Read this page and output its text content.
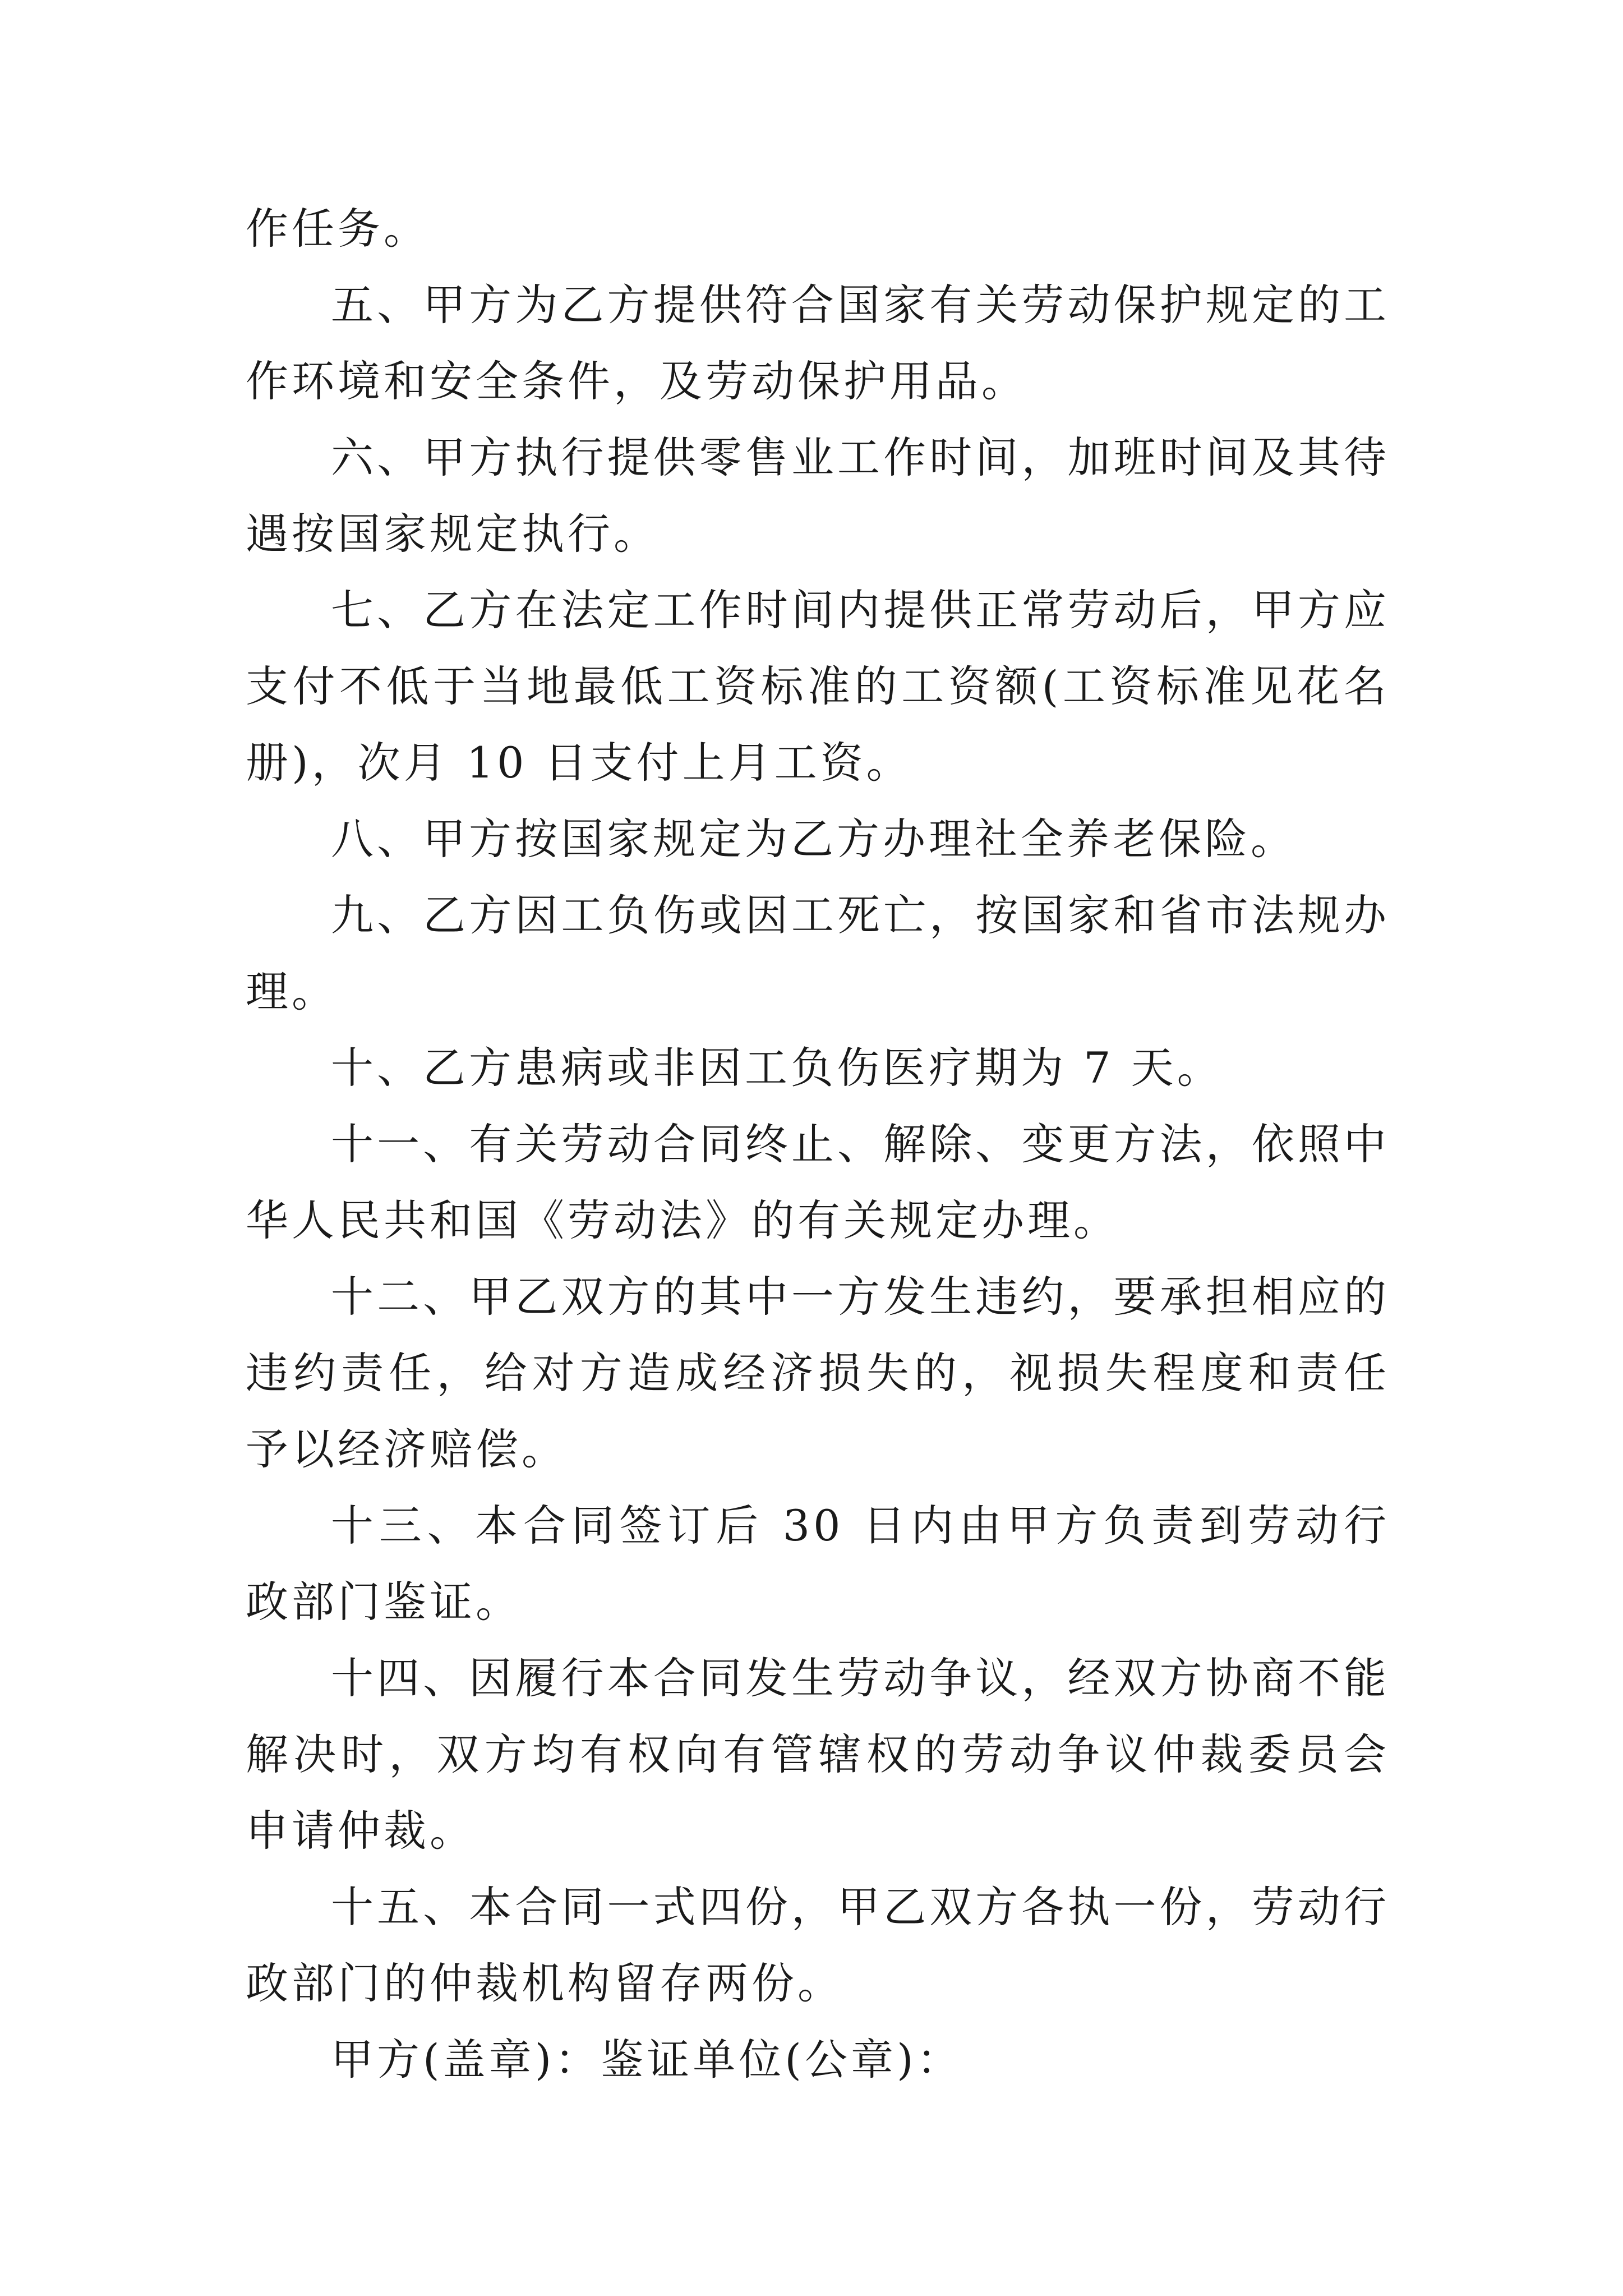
作任务。

五、甲方为乙方提供符合国家有关劳动保护规定的工作环境和安全条件，及劳动保护用品。

六、甲方执行提供零售业工作时间，加班时间及其待遇按国家规定执行。

七、乙方在法定工作时间内提供正常劳动后，甲方应支付不低于当地最低工资标准的工资额(工资标准见花名册)，次月 10 日支付上月工资。

八、甲方按国家规定为乙方办理社全养老保险。

九、乙方因工负伤或因工死亡，按国家和省市法规办理。

十、乙方患病或非因工负伤医疗期为 7 天。

十一、有关劳动合同终止、解除、变更方法，依照中华人民共和国《劳动法》的有关规定办理。

十二、甲乙双方的其中一方发生违约，要承担相应的违约责任，给对方造成经济损失的，视损失程度和责任予以经济赔偿。

十三、本合同签订后 30 日内由甲方负责到劳动行政部门鉴证。

十四、因履行本合同发生劳动争议，经双方协商不能解决时，双方均有权向有管辖权的劳动争议仲裁委员会申请仲裁。

十五、本合同一式四份，甲乙双方各执一份，劳动行政部门的仲裁机构留存两份。

甲方(盖章)：鉴证单位(公章)：
